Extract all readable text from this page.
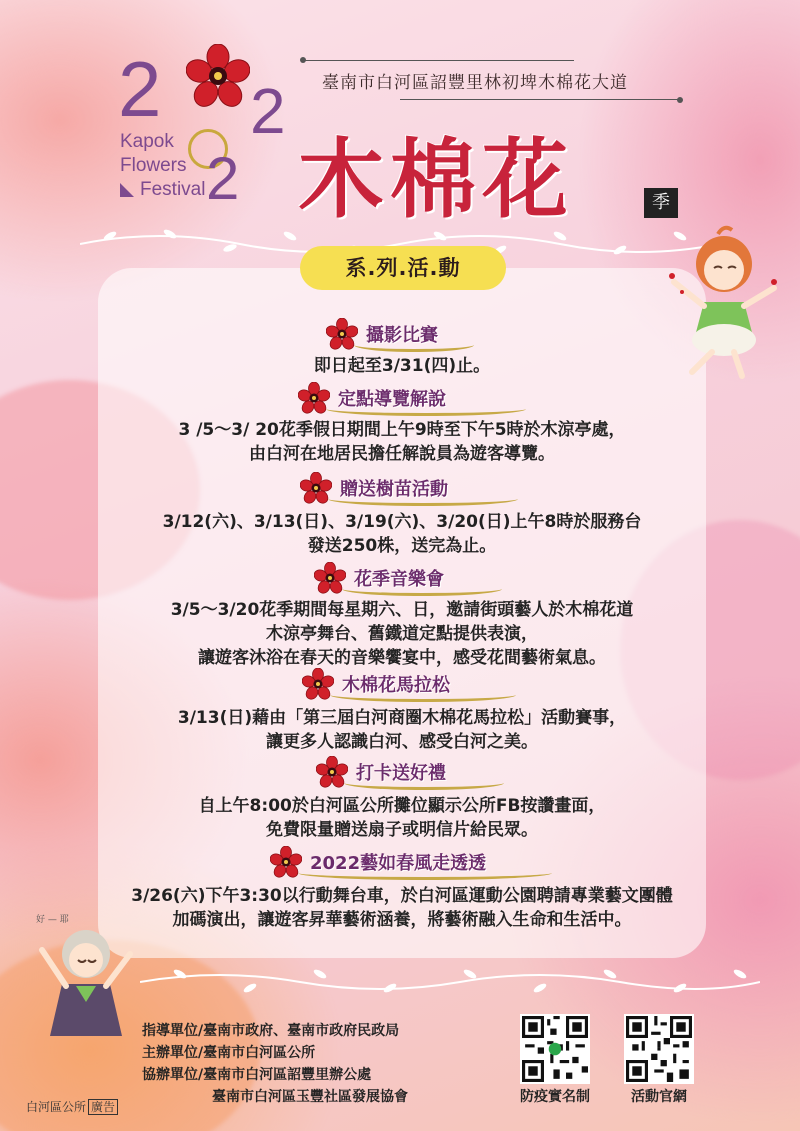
2 2
2
Kapok
Flowers
Festival
臺南市白河區詔豐里林初埤木棉花大道
木棉花	季
系.列.活.動
攝影比賽
即日起至3/31(四)止。
定點導覽解說
3 /5～3/ 20花季假日期間上午9時至下午5時於木涼亭處，
由白河在地居民擔任解說員為遊客導覽。
贈送樹苗活動
3/12(六)、3/13(日)、3/19(六)、3/20(日)上午8時於服務台
發送250株，送完為止。
花季音樂會
3/5～3/20花季期間每星期六、日，邀請街頭藝人於木棉花道
木涼亭舞台、舊鐵道定點提供表演，
讓遊客沐浴在春天的音樂饗宴中，感受花間藝術氣息。
木棉花馬拉松
3/13(日)藉由「第三屆白河商圈木棉花馬拉松」活動賽事，
讓更多人認識白河、感受白河之美。
打卡送好禮
自上午8:00於白河區公所攤位顯示公所FB按讚畫面，
免費限量贈送扇子或明信片給民眾。
2022藝如春風走透透
3/26(六)下午3:30以行動舞台車，於白河區運動公園聘請專業藝文團體
加碼演出，讓遊客昇華藝術涵養，將藝術融入生命和生活中。
好 — 耶
指導單位/臺南市政府、臺南市政府民政局
主辦單位/臺南市白河區公所
協辦單位/臺南市白河區詔豐里辦公處
臺南市白河區玉豐社區發展協會	防疫實名制	活動官網
白河區公所 廣告
